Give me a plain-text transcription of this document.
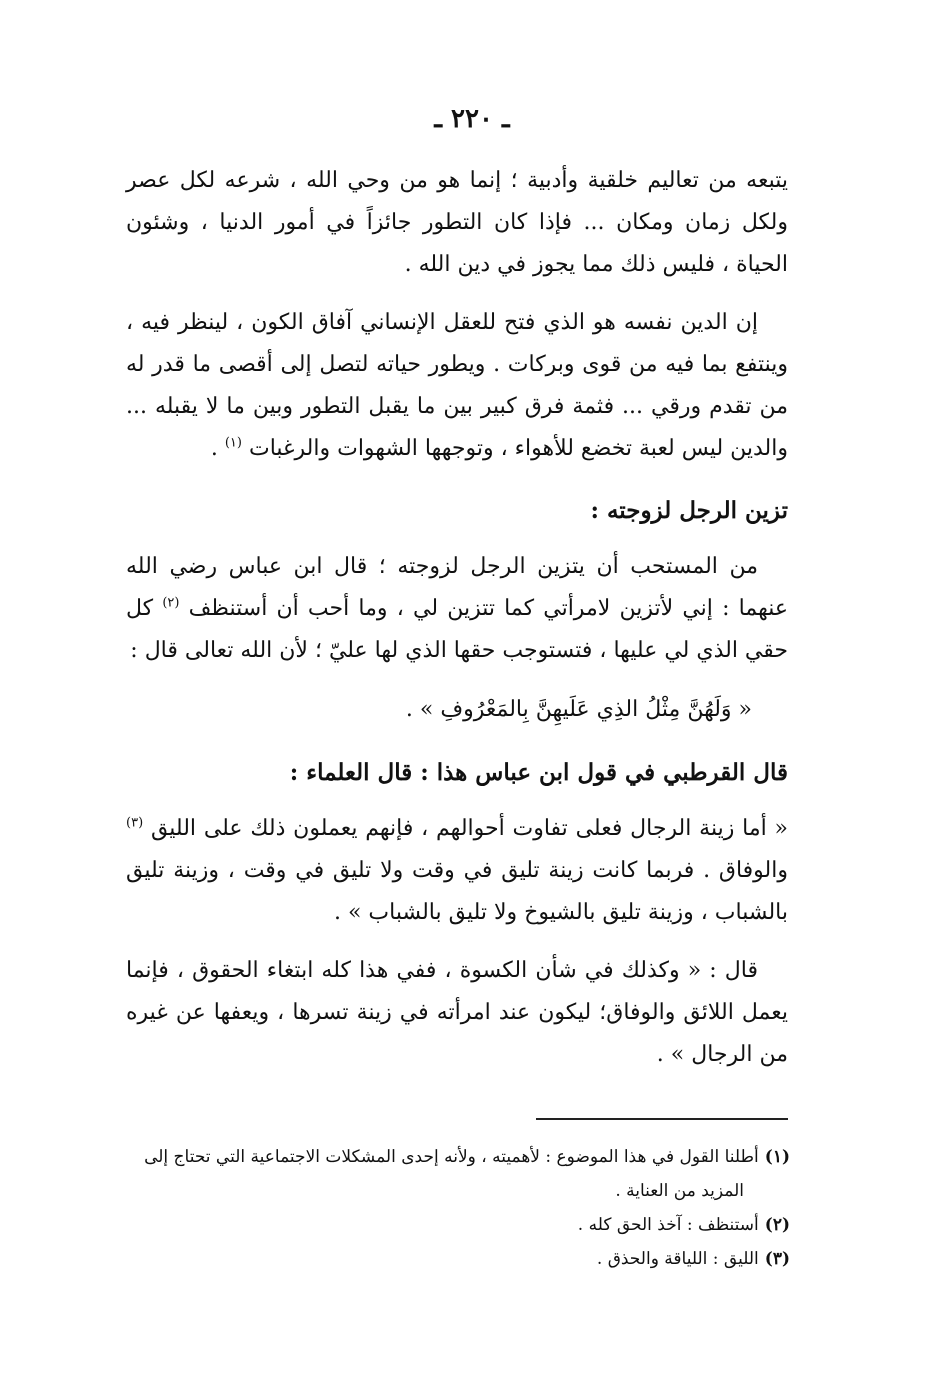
ـ ٢٢٠ ـ

يتبعه من تعاليم خلقية وأدبية ؛ إنما هو من وحي الله ، شرعه لكل عصر ولكل زمان ومكان ... فإذا كان التطور جائزاً في أمور الدنيا ، وشئون الحياة ، فليس ذلك مما يجوز في دين الله .

إن الدين نفسه هو الذي فتح للعقل الإنساني آفاق الكون ، لينظر فيه ، وينتفع بما فيه من قوى وبركات . ويطور حياته لتصل إلى أقصى ما قدر له من تقدم ورقي ... فثمة فرق كبير بين ما يقبل التطور وبين ما لا يقبله ... والدين ليس لعبة تخضع للأهواء ، وتوجهها الشهوات والرغبات $^{(١)}$ .

تزين الرجل لزوجته :

من المستحب أن يتزين الرجل لزوجته ؛ قال ابن عباس رضي الله عنهما : إني لأتزين لامرأتي كما تتزين لي ، وما أحب أن أستنظف $^{(٢)}$ كل حقي الذي لي عليها ، فتستوجب حقها الذي لها عليّ ؛ لأن الله تعالى قال :

« وَلَهُنَّ مِثْلُ الذِي عَلَيهِنَّ بِالمَعْرُوفِ » .
قال القرطبي في قول ابن عباس هذا : قال العلماء :

« أما زينة الرجال فعلى تفاوت أحوالهم ، فإنهم يعملون ذلك على الليق $^{(٣)}$ والوفاق . فربما كانت زينة تليق في وقت ولا تليق في وقت ، وزينة تليق بالشباب ، وزينة تليق بالشيوخ ولا تليق بالشباب » .

قال : « وكذلك في شأن الكسوة ، ففي هذا كله ابتغاء الحقوق ، فإنما يعمل اللائق والوفاق؛ ليكون عند امرأته في زينة تسرها ، ويعفها عن غيره من الرجال » .

(١)أطلنا القول في هذا الموضوع : لأهميته ، ولأنه إحدى المشكلات الاجتماعية التي تحتاج إلى

المزيد من العناية .

(٢)أستنظف : آخذ الحق كله .

(٣)الليق : اللياقة والحذق .
